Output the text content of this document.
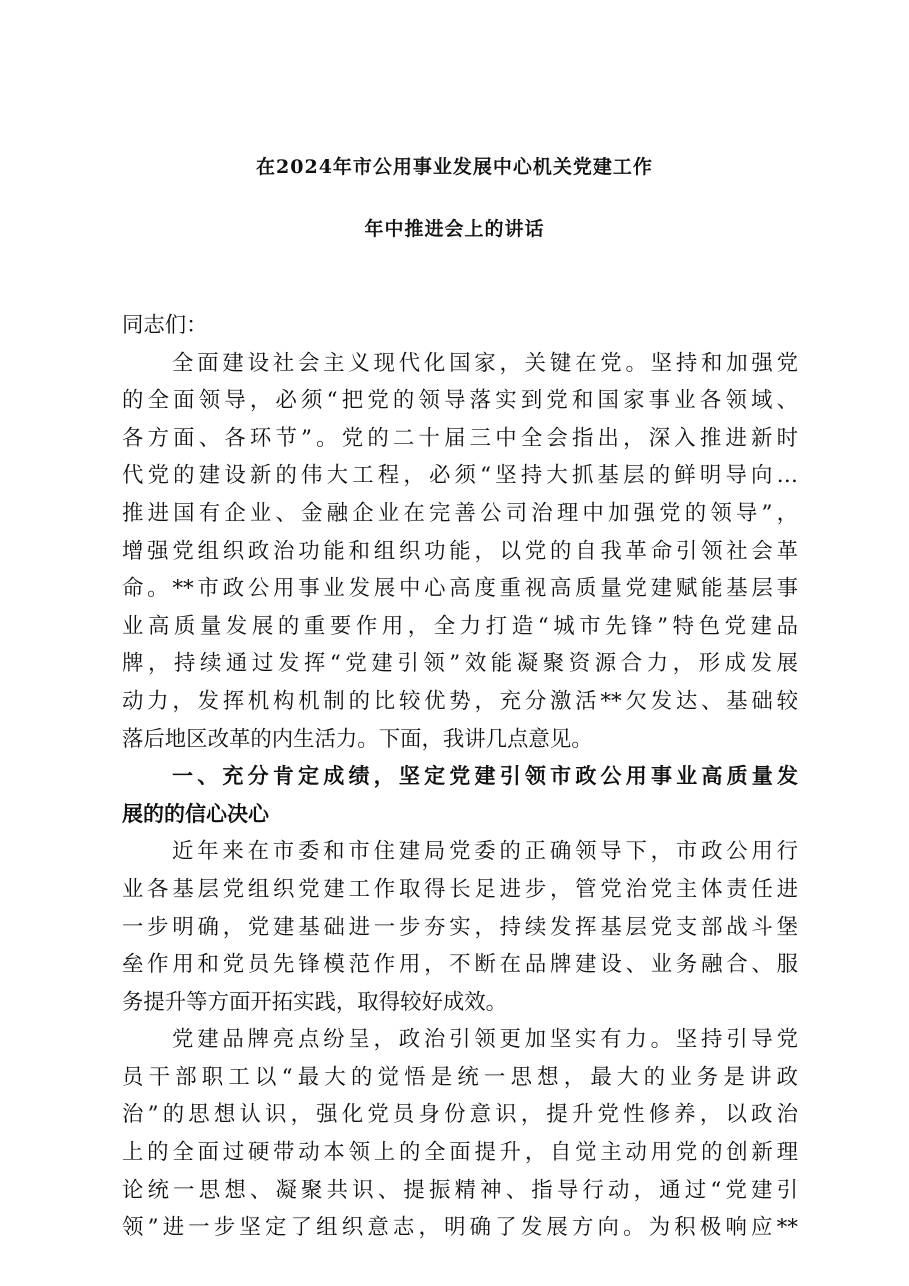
在2024年市公用事业发展中心机关党建工作
年中推进会上的讲话
同志们：
全面建设社会主义现代化国家，关键在党。坚持和加强党
的全面领导，必须“把党的领导落实到党和国家事业各领域、
各方面、各环节”。党的二十届三中全会指出，深入推进新时
代党的建设新的伟大工程，必须“坚持大抓基层的鲜明导向…
推进国有企业、金融企业在完善公司治理中加强党的领导”，
增强党组织政治功能和组织功能，以党的自我革命引领社会革
命。**市政公用事业发展中心高度重视高质量党建赋能基层事
业高质量发展的重要作用，全力打造“城市先锋”特色党建品
牌，持续通过发挥“党建引领”效能凝聚资源合力，形成发展
动力，发挥机构机制的比较优势，充分激活**欠发达、基础较
落后地区改革的内生活力。下面，我讲几点意见。
一、充分肯定成绩，坚定党建引领市政公用事业高质量发
展的的信心决心
近年来在市委和市住建局党委的正确领导下，市政公用行
业各基层党组织党建工作取得长足进步，管党治党主体责任进
一步明确，党建基础进一步夯实，持续发挥基层党支部战斗堡
垒作用和党员先锋模范作用，不断在品牌建设、业务融合、服
务提升等方面开拓实践，取得较好成效。
党建品牌亮点纷呈，政治引领更加坚实有力。坚持引导党
员干部职工以“最大的觉悟是统一思想，最大的业务是讲政
治”的思想认识，强化党员身份意识，提升党性修养，以政治
上的全面过硬带动本领上的全面提升，自觉主动用党的创新理
论统一思想、凝聚共识、提振精神、指导行动，通过“党建引
领”进一步坚定了组织意志，明确了发展方向。为积极响应**
